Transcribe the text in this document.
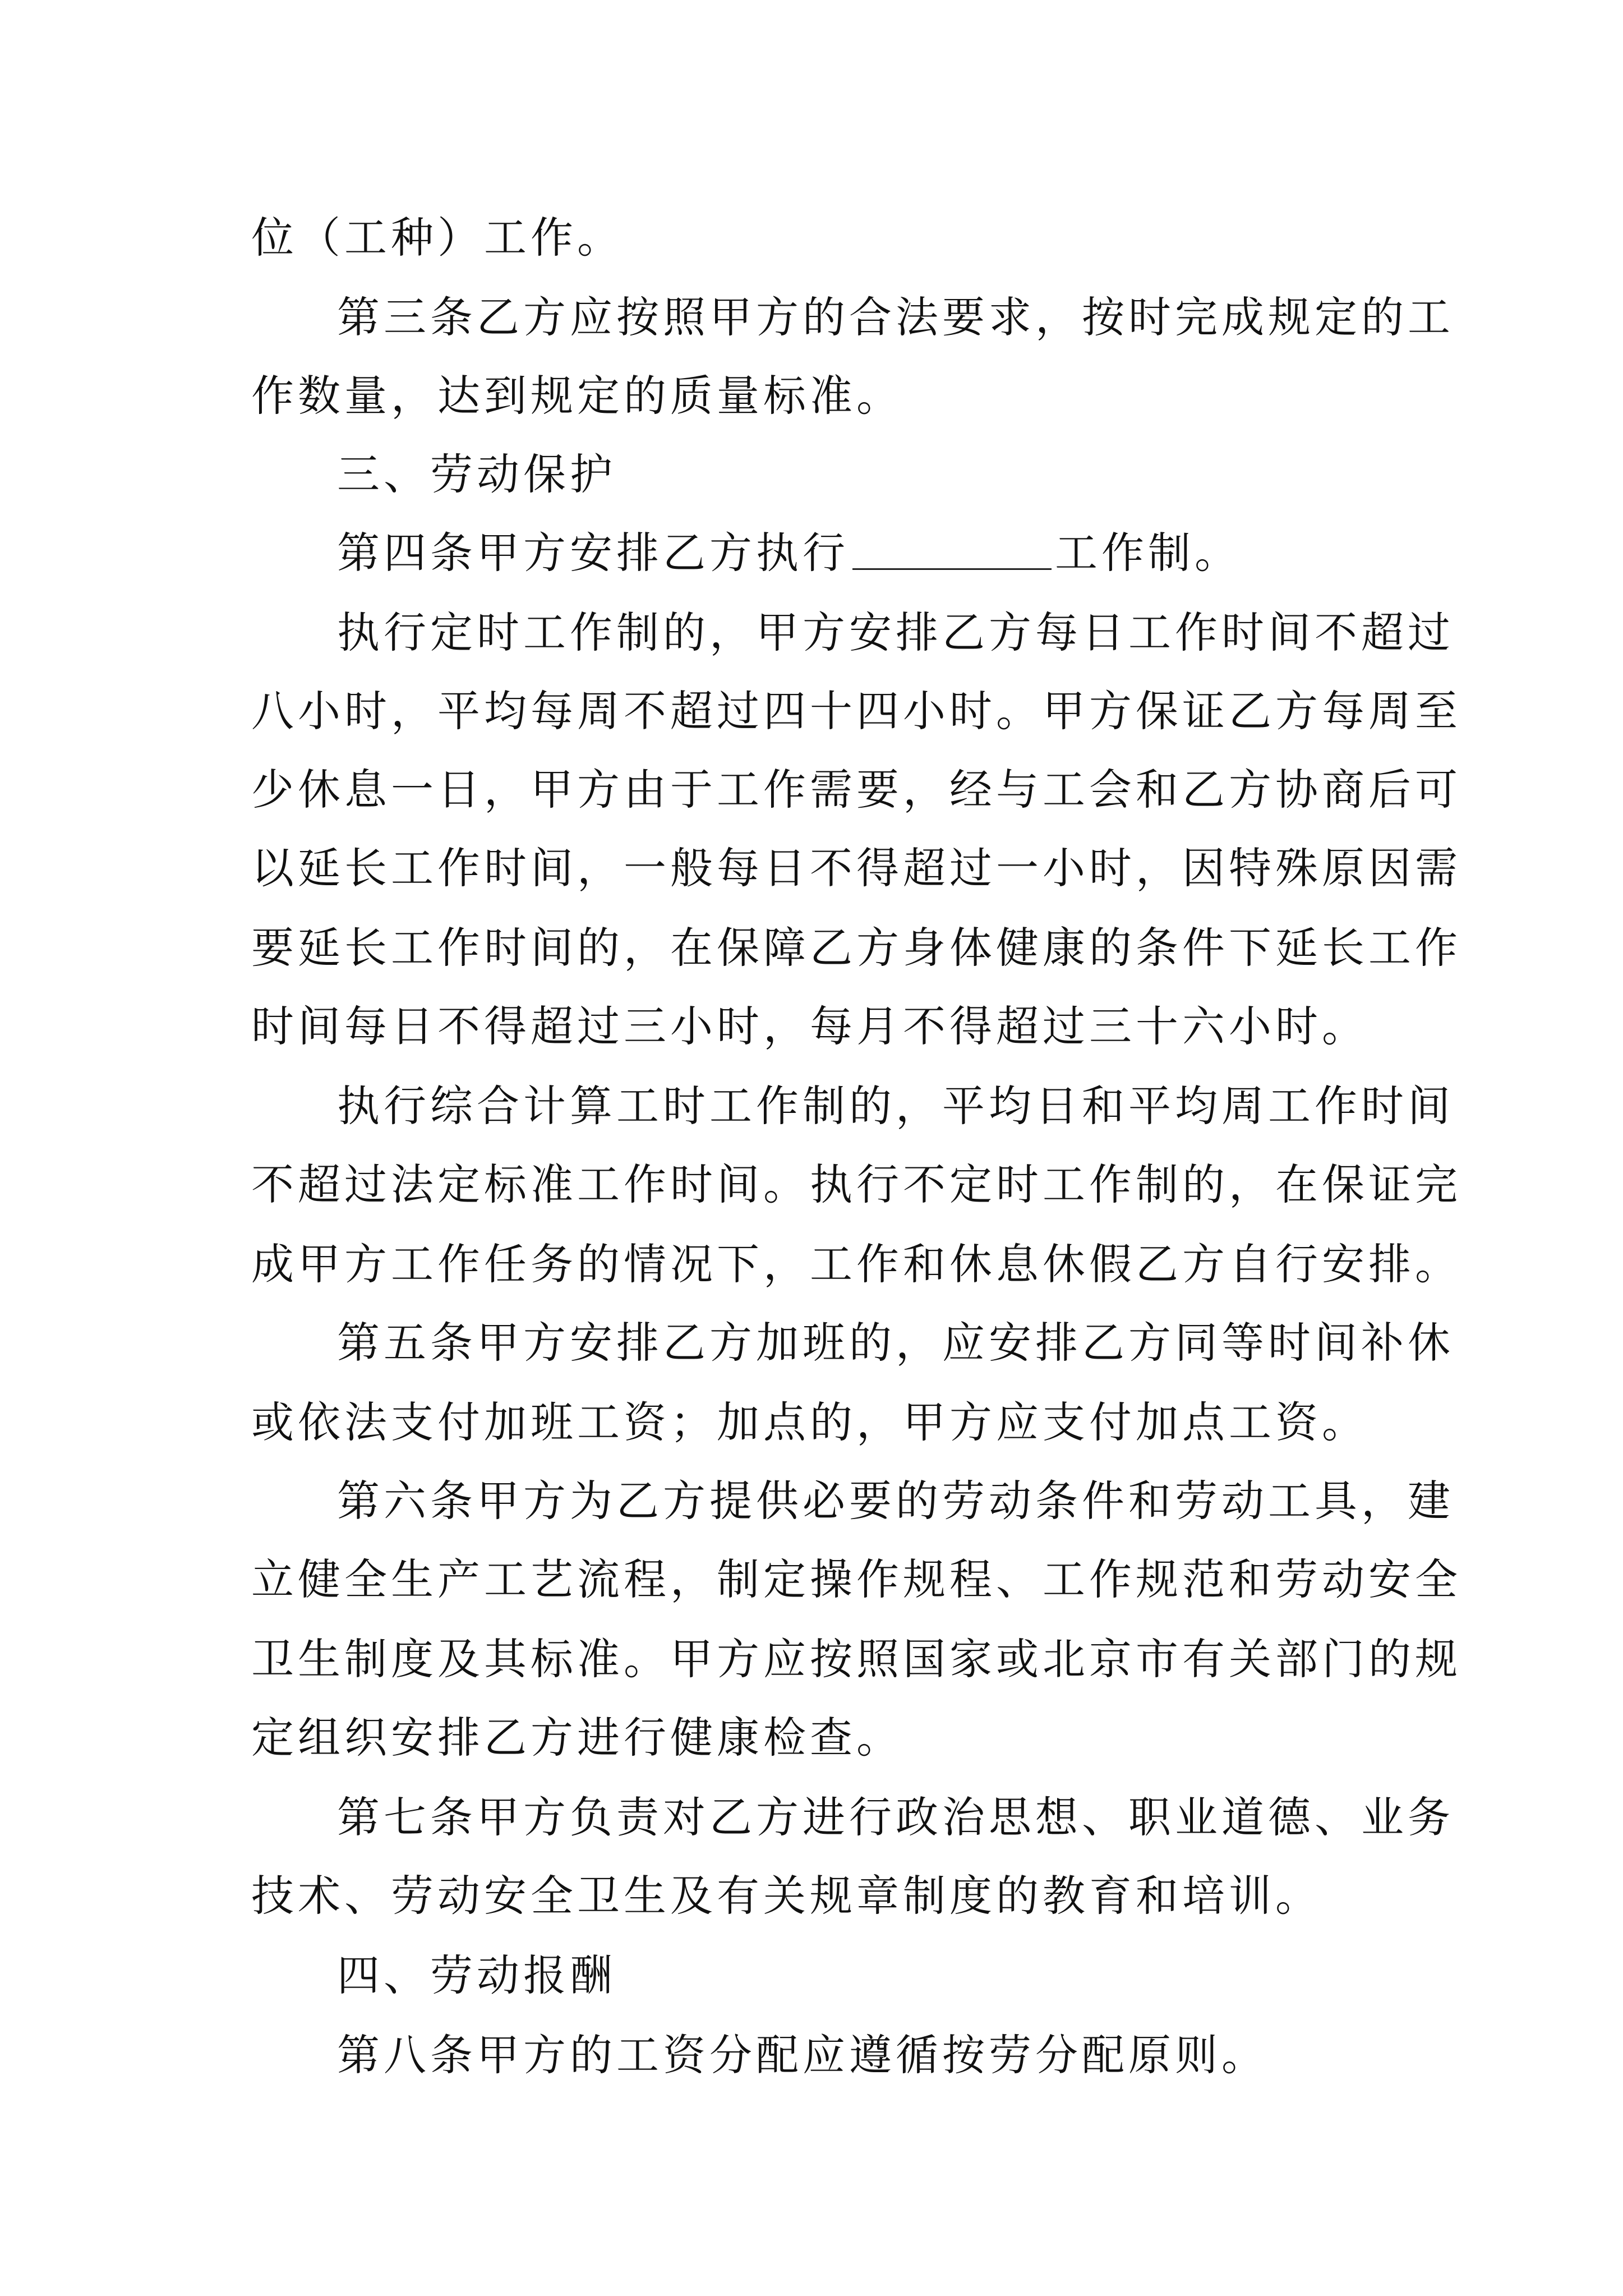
位（工种）工作。
第三条乙方应按照甲方的合法要求，按时完成规定的工
作数量，达到规定的质量标准。
三、劳动保护
第四条甲方安排乙方执行	工作制。
执行定时工作制的，甲方安排乙方每日工作时间不超过
八小时，平均每周不超过四十四小时。甲方保证乙方每周至
少休息一日，甲方由于工作需要，经与工会和乙方协商后可
以延长工作时间，一般每日不得超过一小时，因特殊原因需
要延长工作时间的，在保障乙方身体健康的条件下延长工作
时间每日不得超过三小时，每月不得超过三十六小时。
执行综合计算工时工作制的，平均日和平均周工作时间
不超过法定标准工作时间。执行不定时工作制的，在保证完
成甲方工作任务的情况下，工作和休息休假乙方自行安排。
第五条甲方安排乙方加班的，应安排乙方同等时间补休
或依法支付加班工资；加点的，甲方应支付加点工资。
第六条甲方为乙方提供必要的劳动条件和劳动工具，建
立健全生产工艺流程，制定操作规程、工作规范和劳动安全
卫生制度及其标准。甲方应按照国家或北京市有关部门的规
定组织安排乙方进行健康检查。
第七条甲方负责对乙方进行政治思想、职业道德、业务
技术、劳动安全卫生及有关规章制度的教育和培训。
四、劳动报酬
第八条甲方的工资分配应遵循按劳分配原则。
